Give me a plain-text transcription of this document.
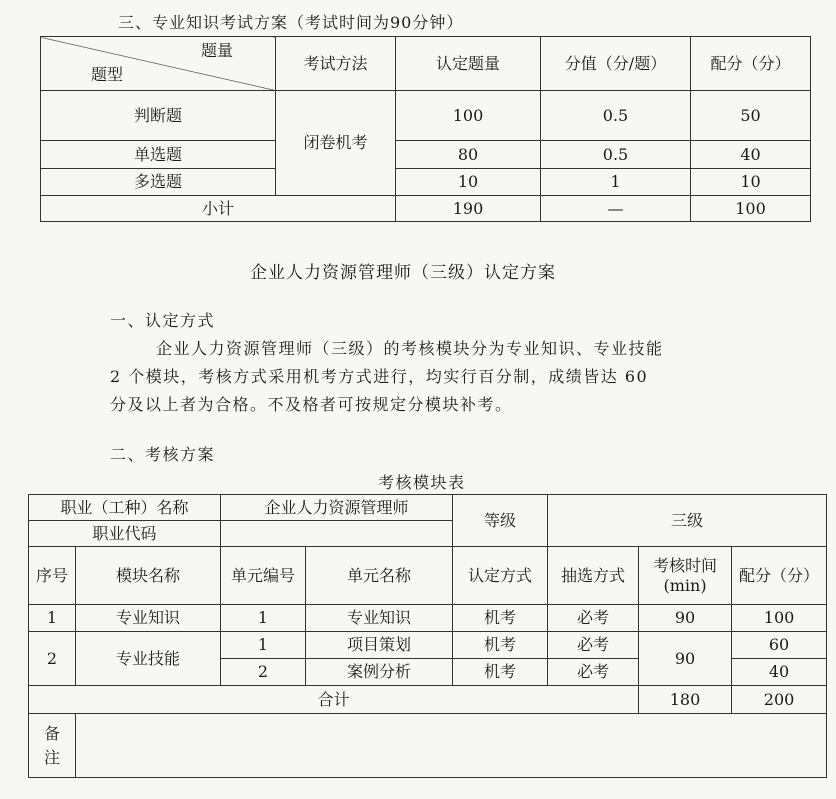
三、专业知识考试方案（考试时间为90分钟）
题量
题型	考试方法	认定题量	分值（分/题）	配分（分）
判断题	闭卷机考	100	0.5	50
单选题		80	0.5	40
多选题		10	1	10
小计		190	—	100
企业人力资源管理师（三级）认定方案
一、认定方式
企业人力资源管理师（三级）的考核模块分为专业知识、专业技能
2 个模块，考核方式采用机考方式进行，均实行百分制，成绩皆达 60
分及以上者为合格。不及格者可按规定分模块补考。
二、考核方案
考核模块表
职业（工种）名称		企业人力资源管理师		等级	三级		
职业代码							
序号	模块名称	单元编号	单元名称	认定方式	抽选方式	考核时间(min)	配分（分）
1	专业知识	1	专业知识	机考	必考	90	100
2	专业技能	1	项目策划	机考	必考	90	60
		2	案例分析	机考	必考		40
合计						180	200
备注							
